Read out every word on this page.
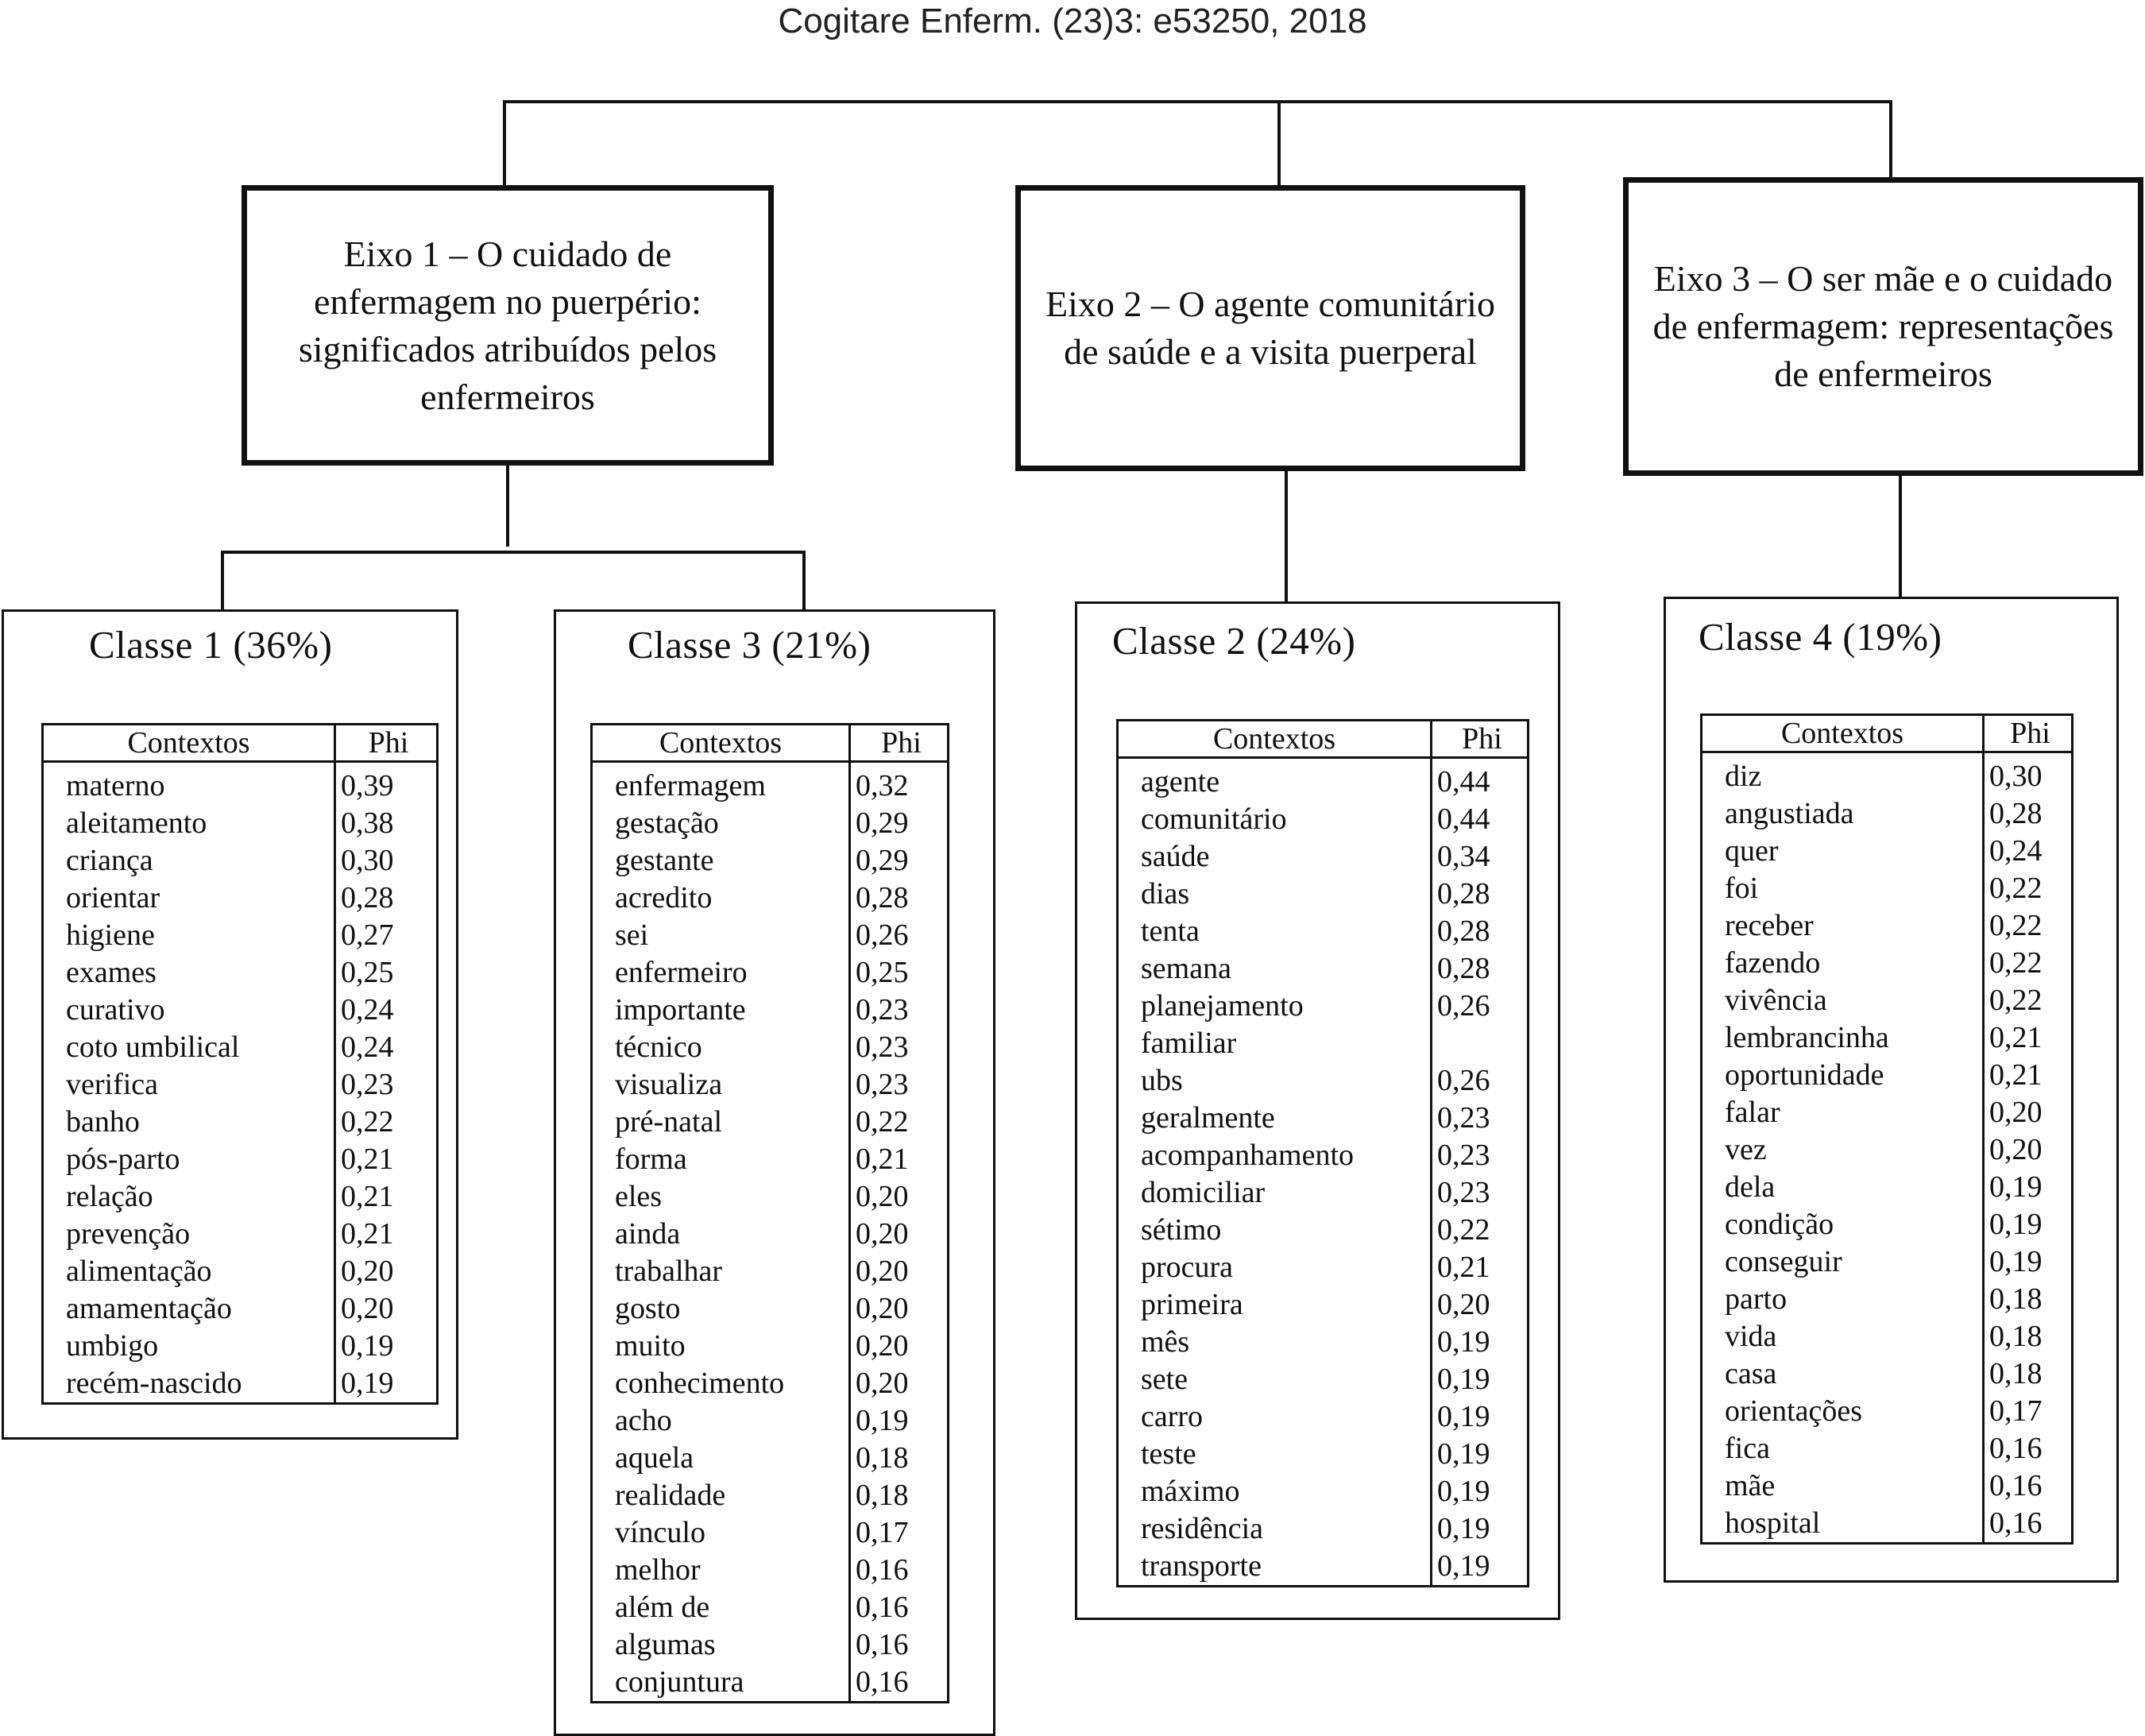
Cogitare Enferm. (23)3: e53250, 2018
Eixo 1 – O cuidado de enfermagem no puerpério: significados atribuídos pelos enfermeiros
Eixo 2 – O agente comunitário de saúde e a visita puerperal
Eixo 3 – O ser mãe e o cuidado de enfermagem: representações de enfermeiros
Classe 1 (36%)
Contextos	Phi
materno	0,39
aleitamento	0,38
criança	0,30
orientar	0,28
higiene	0,27
exames	0,25
curativo	0,24
coto umbilical	0,24
verifica	0,23
banho	0,22
pós-parto	0,21
relação	0,21
prevenção	0,21
alimentação	0,20
amamentação	0,20
umbigo	0,19
recém-nascido	0,19
Classe 3 (21%)
Contextos	Phi
enfermagem	0,32
gestação	0,29
gestante	0,29
acredito	0,28
sei	0,26
enfermeiro	0,25
importante	0,23
técnico	0,23
visualiza	0,23
pré-natal	0,22
forma	0,21
eles	0,20
ainda	0,20
trabalhar	0,20
gosto	0,20
muito	0,20
conhecimento	0,20
acho	0,19
aquela	0,18
realidade	0,18
vínculo	0,17
melhor	0,16
além de	0,16
algumas	0,16
conjuntura	0,16
Classe 2 (24%)
Contextos	Phi
agente	0,44
comunitário	0,44
saúde	0,34
dias	0,28
tenta	0,28
semana	0,28
planejamento	0,26
familiar	
ubs	0,26
geralmente	0,23
acompanhamento	0,23
domiciliar	0,23
sétimo	0,22
procura	0,21
primeira	0,20
mês	0,19
sete	0,19
carro	0,19
teste	0,19
máximo	0,19
residência	0,19
transporte	0,19
Classe 4 (19%)
Contextos	Phi
diz	0,30
angustiada	0,28
quer	0,24
foi	0,22
receber	0,22
fazendo	0,22
vivência	0,22
lembrancinha	0,21
oportunidade	0,21
falar	0,20
vez	0,20
dela	0,19
condição	0,19
conseguir	0,19
parto	0,18
vida	0,18
casa	0,18
orientações	0,17
fica	0,16
mãe	0,16
hospital	0,16
